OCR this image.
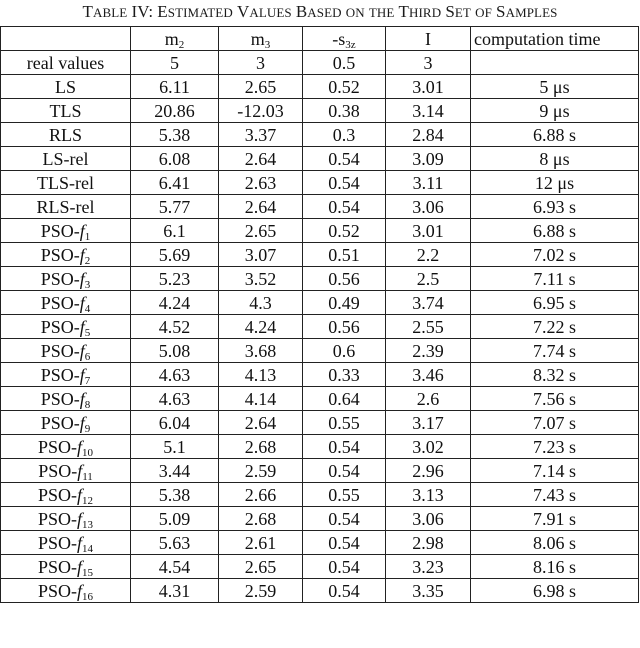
TABLE IV: ESTIMATED VALUES BASED ON THE THIRD SET OF SAMPLES
	$m_2$	$m_3$	$-s_{3z}$	I	computation time
real values	5	3	0.5	3	
LS	6.11	2.65	0.52	3.01	5 μs
TLS	20.86	-12.03	0.38	3.14	9 μs
RLS	5.38	3.37	0.3	2.84	6.88 s
LS-rel	6.08	2.64	0.54	3.09	8 μs
TLS-rel	6.41	2.63	0.54	3.11	12 μs
RLS-rel	5.77	2.64	0.54	3.06	6.93 s
PSO-$f_1$	6.1	2.65	0.52	3.01	6.88 s
PSO-$f_2$	5.69	3.07	0.51	2.2	7.02 s
PSO-$f_3$	5.23	3.52	0.56	2.5	7.11 s
PSO-$f_4$	4.24	4.3	0.49	3.74	6.95 s
PSO-$f_5$	4.52	4.24	0.56	2.55	7.22 s
PSO-$f_6$	5.08	3.68	0.6	2.39	7.74 s
PSO-$f_7$	4.63	4.13	0.33	3.46	8.32 s
PSO-$f_8$	4.63	4.14	0.64	2.6	7.56 s
PSO-$f_9$	6.04	2.64	0.55	3.17	7.07 s
PSO-$f_{10}$	5.1	2.68	0.54	3.02	7.23 s
PSO-$f_{11}$	3.44	2.59	0.54	2.96	7.14 s
PSO-$f_{12}$	5.38	2.66	0.55	3.13	7.43 s
PSO-$f_{13}$	5.09	2.68	0.54	3.06	7.91 s
PSO-$f_{14}$	5.63	2.61	0.54	2.98	8.06 s
PSO-$f_{15}$	4.54	2.65	0.54	3.23	8.16 s
PSO-$f_{16}$	4.31	2.59	0.54	3.35	6.98 s
